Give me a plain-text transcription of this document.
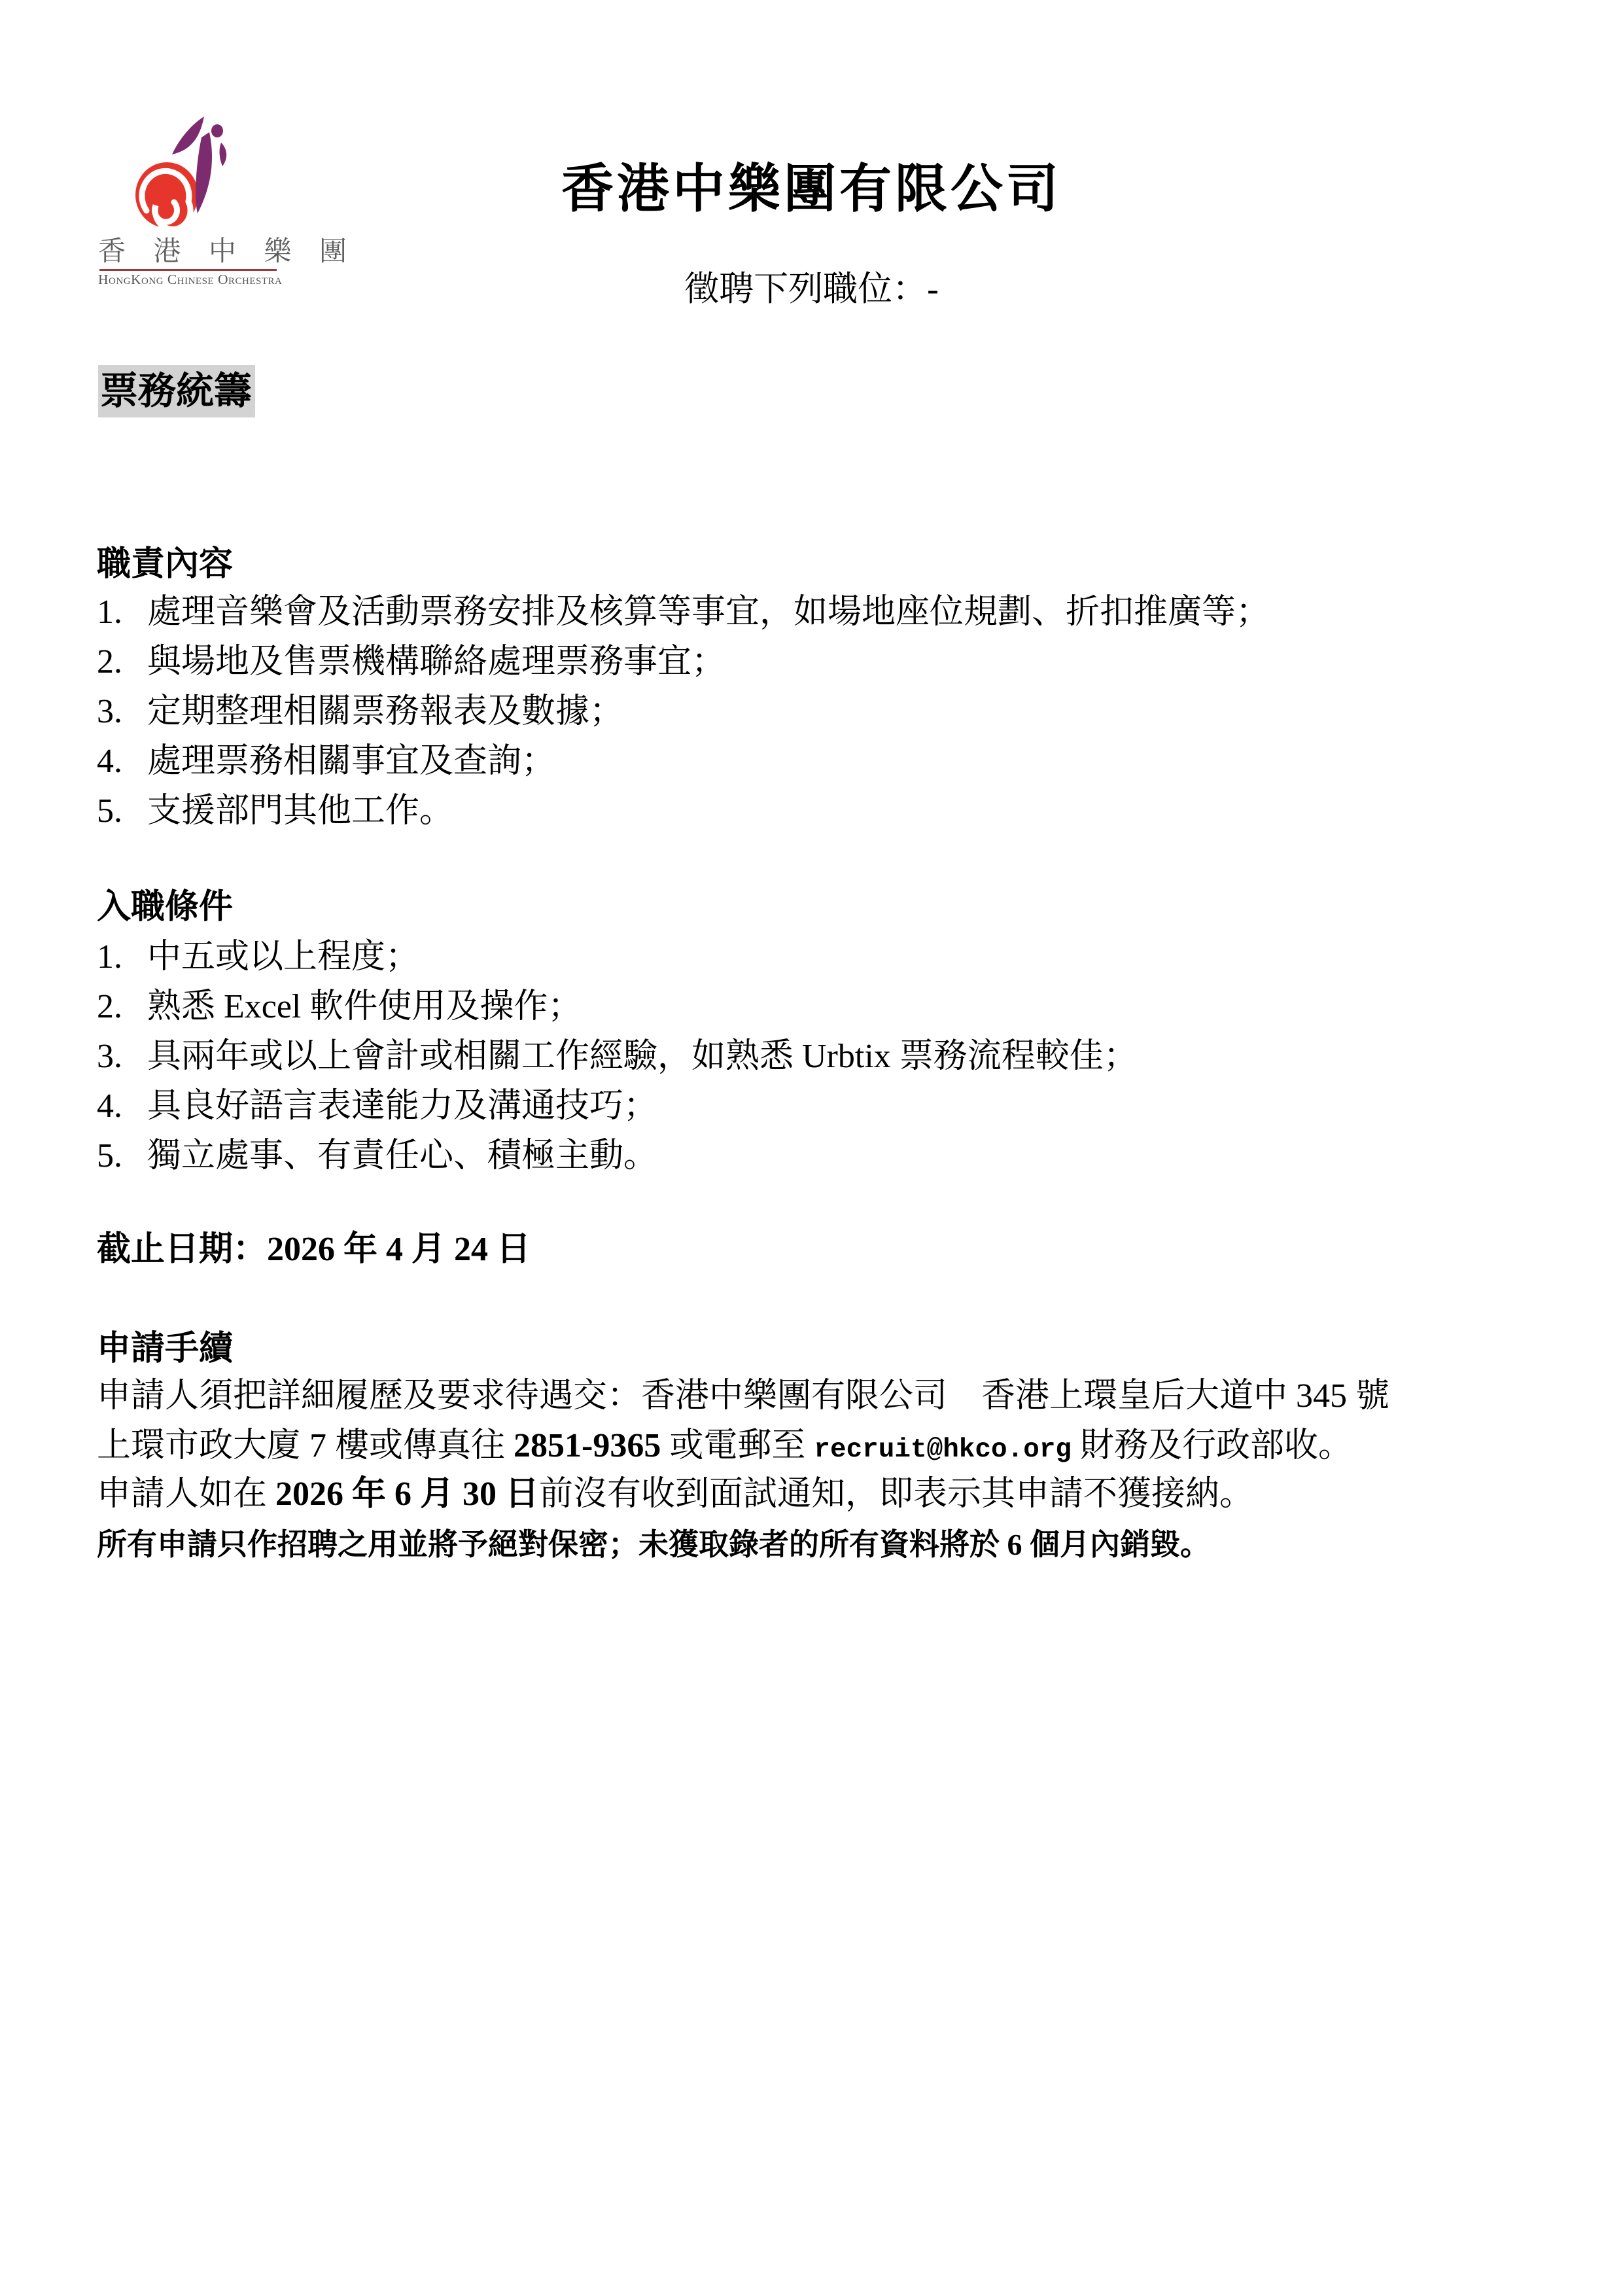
香 港 中 樂 團
HongKong Chinese Orchestra
香港中樂團有限公司
徵聘下列職位：-
票務統籌
職責內容
1. 處理音樂會及活動票務安排及核算等事宜，如場地座位規劃、折扣推廣等；
2. 與場地及售票機構聯絡處理票務事宜；
3. 定期整理相關票務報表及數據；
4. 處理票務相關事宜及查詢；
5. 支援部門其他工作。
入職條件
1. 中五或以上程度；
2. 熟悉 Excel 軟件使用及操作；
3. 具兩年或以上會計或相關工作經驗，如熟悉 Urbtix 票務流程較佳；
4. 具良好語言表達能力及溝通技巧；
5. 獨立處事、有責任心、積極主動。
截止日期：2026 年 4 月 24 日
申請手續
申請人須把詳細履歷及要求待遇交：香港中樂團有限公司　香港上環皇后大道中 345 號
上環市政大廈 7 樓或傳真往 2851-9365 或電郵至 recruit@hkco.org 財務及行政部收。
申請人如在 2026 年 6 月 30 日前沒有收到面試通知，即表示其申請不獲接納。
所有申請只作招聘之用並將予絕對保密；未獲取錄者的所有資料將於 6 個月內銷毀。
